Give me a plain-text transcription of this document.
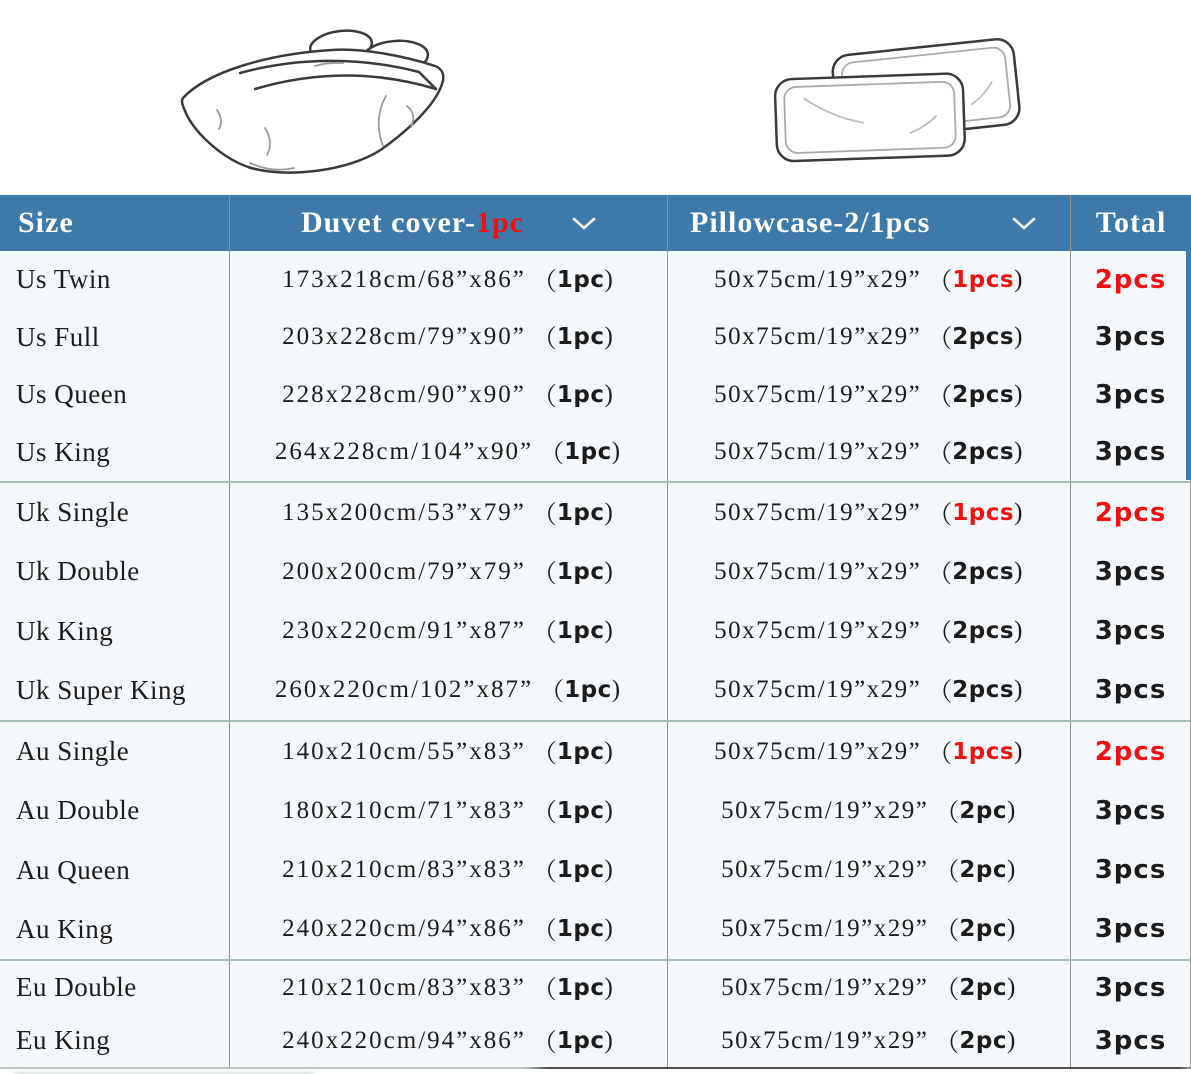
Size	Duvet cover- 1pc	Pillowcase-2/1pcs	Total
Us Twin	173x218cm/68”x86” （ 1pc )	50x75cm/19”x29” （ 1pcs )	2pcs
Us Full	203x228cm/79”x90” （ 1pc )	50x75cm/19”x29” （ 2pcs )	3pcs
Us Queen	228x228cm/90”x90” （ 1pc )	50x75cm/19”x29” （ 2pcs )	3pcs
Us King	264x228cm/104”x90” （ 1pc )	50x75cm/19”x29” （ 2pcs )	3pcs
Uk Single	135x200cm/53”x79” （ 1pc )	50x75cm/19”x29” （ 1pcs )	2pcs
Uk Double	200x200cm/79”x79” （ 1pc )	50x75cm/19”x29” （ 2pcs )	3pcs
Uk King	230x220cm/91”x87” （ 1pc )	50x75cm/19”x29” （ 2pcs )	3pcs
Uk Super King	260x220cm/102”x87” （ 1pc )	50x75cm/19”x29” （ 2pcs )	3pcs
Au Single	140x210cm/55”x83” （ 1pc )	50x75cm/19”x29” （ 1pcs )	2pcs
Au Double	180x210cm/71”x83” （ 1pc )	50x75cm/19”x29” （ 2pc )	3pcs
Au Queen	210x210cm/83”x83” （ 1pc )	50x75cm/19”x29” （ 2pc )	3pcs
Au King	240x220cm/94”x86” （ 1pc )	50x75cm/19”x29” （ 2pc )	3pcs
Eu Double	210x210cm/83”x83” （ 1pc )	50x75cm/19”x29” （ 2pc )	3pcs
Eu King	240x220cm/94”x86” （ 1pc )	50x75cm/19”x29” （ 2pc )	3pcs
